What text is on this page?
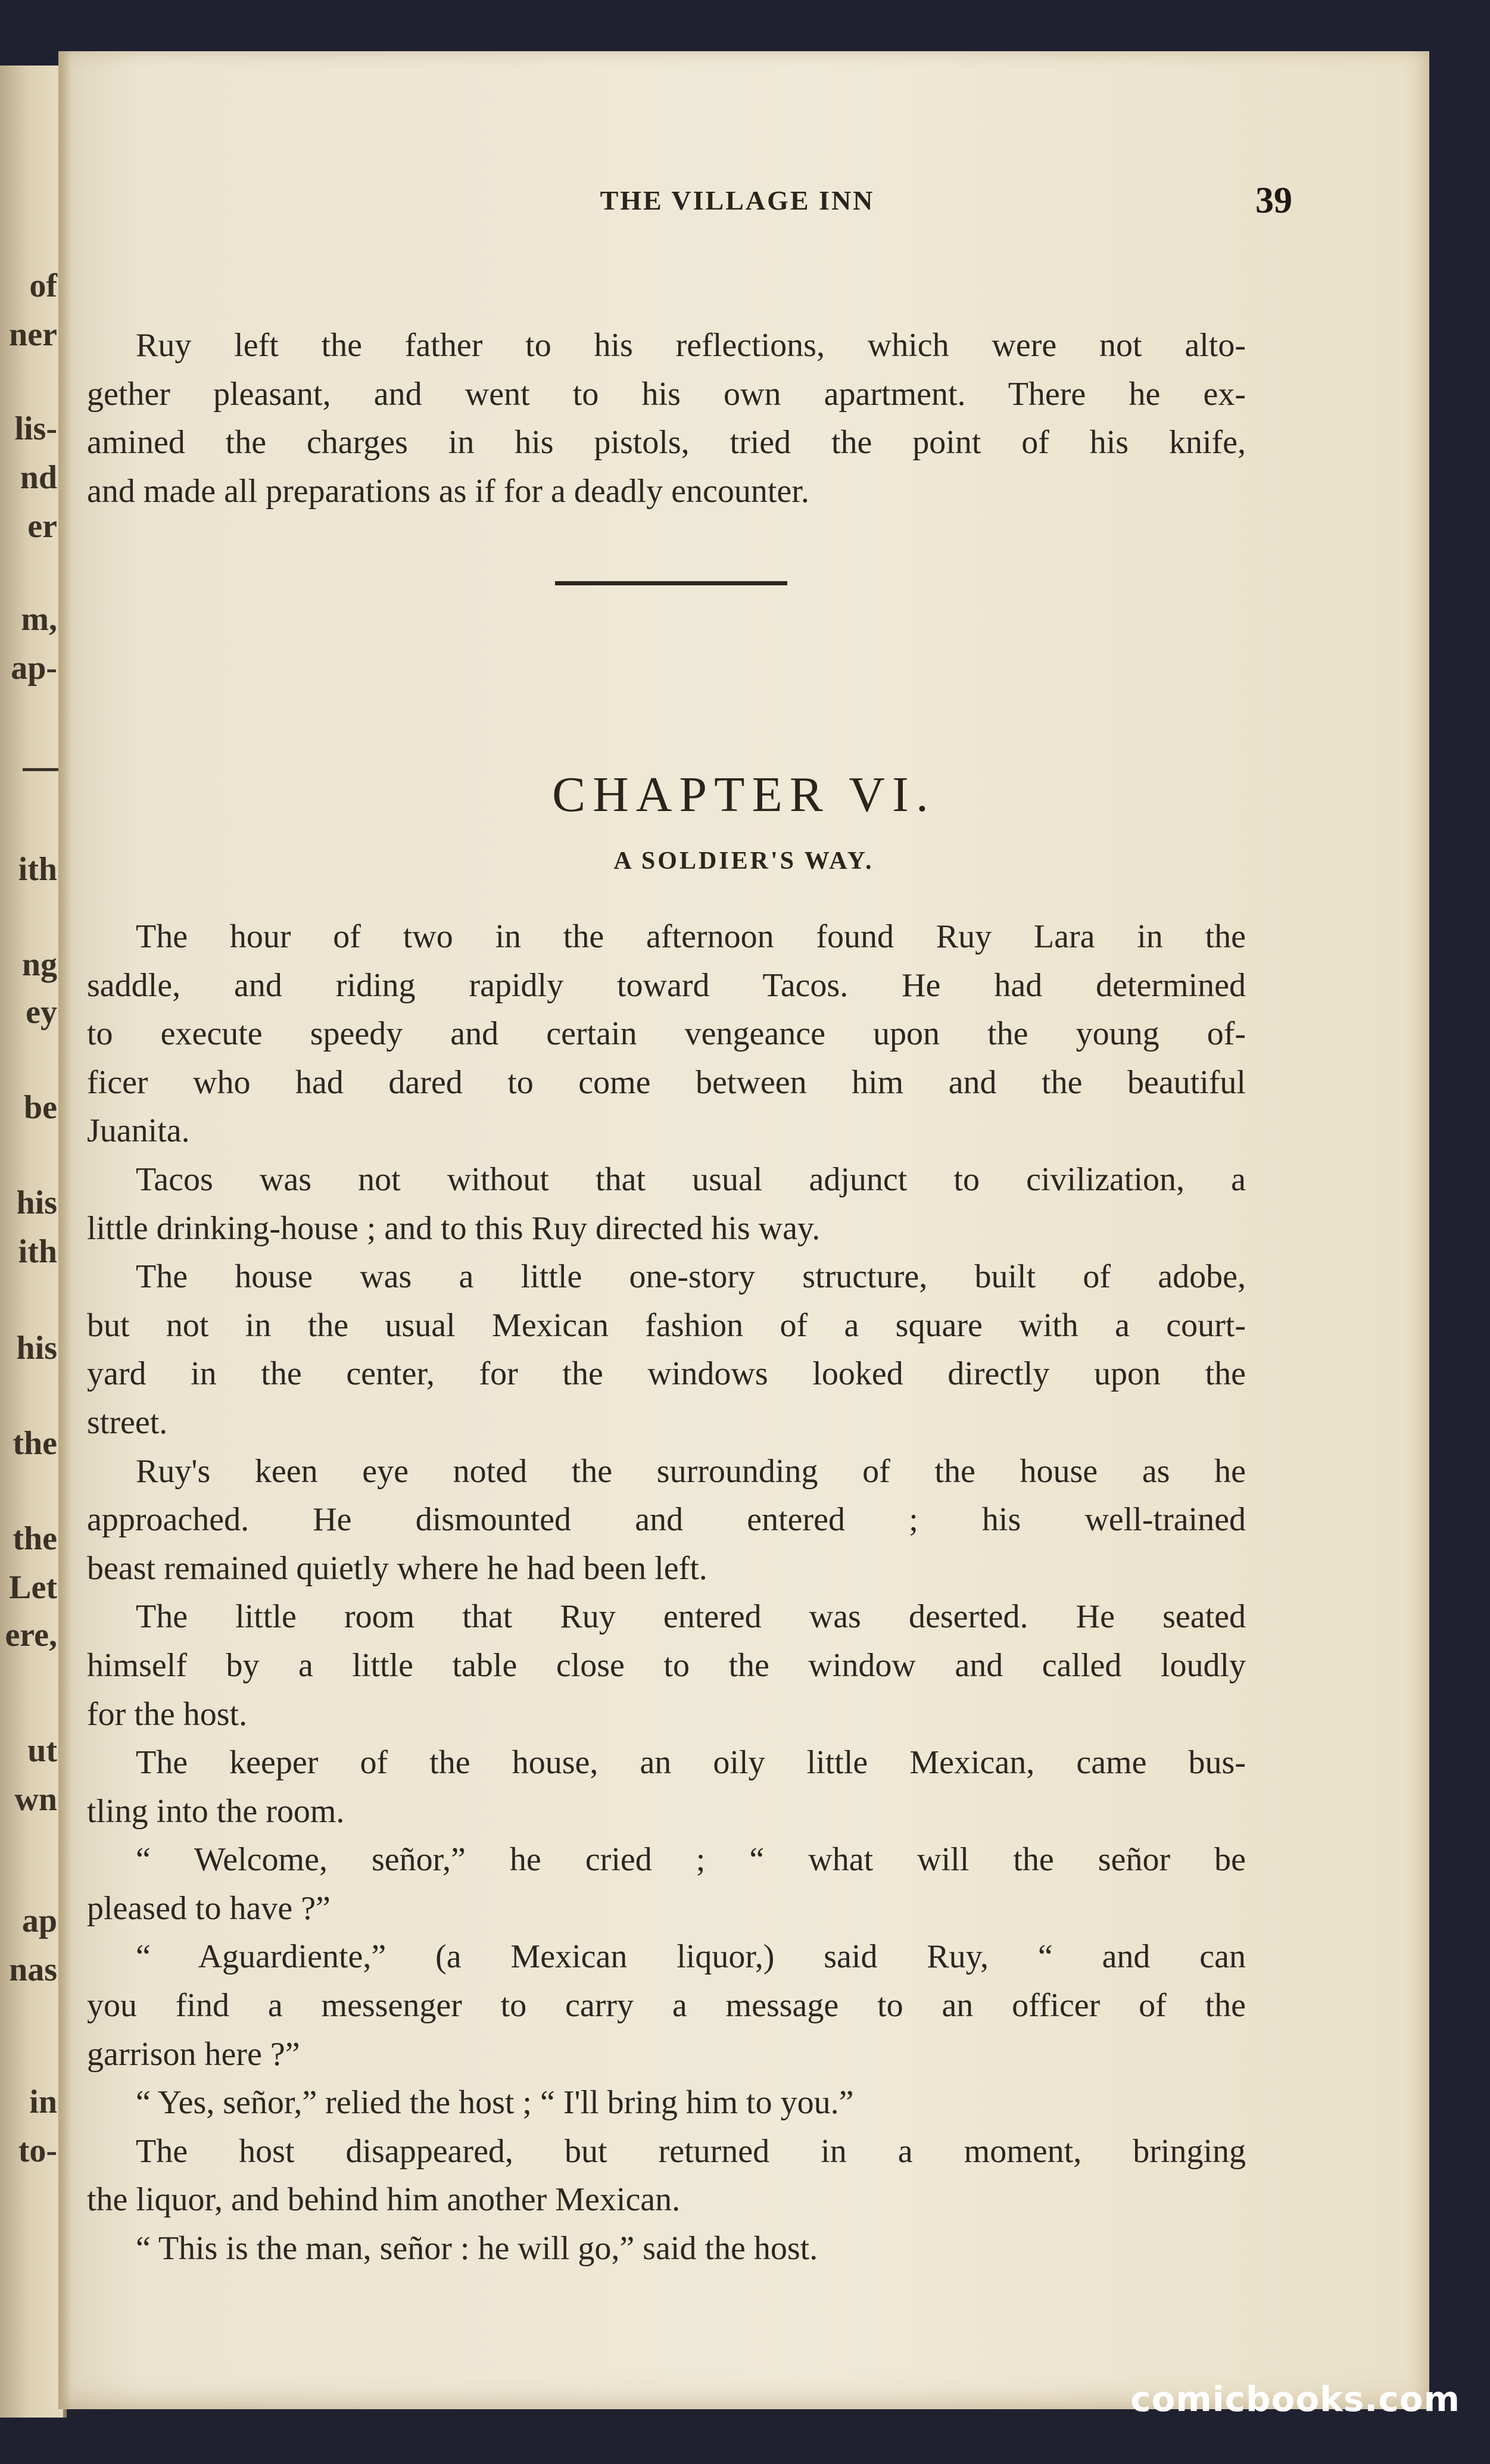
of
ner
lis-
nd
er
m,
ap-
ith
ng
ey
be
his
ith
his
the
the
Let
ere,
ut
wn
ap
nas
in
to-
THE VILLAGE INN	39
Ruy left the father to his reflections, which were not alto-
gether pleasant, and went to his own apartment. There he ex-
amined the charges in his pistols, tried the point of his knife,
and made all preparations as if for a deadly encounter.
CHAPTER VI.
A SOLDIER'S WAY.
The hour of two in the afternoon found Ruy Lara in the
saddle, and riding rapidly toward Tacos. He had determined
to execute speedy and certain vengeance upon the young of-
ficer who had dared to come between him and the beautiful
Juanita.
Tacos was not without that usual adjunct to civilization, a
little drinking-house ; and to this Ruy directed his way.
The house was a little one-story structure, built of adobe,
but not in the usual Mexican fashion of a square with a court-
yard in the center, for the windows looked directly upon the
street.
Ruy's keen eye noted the surrounding of the house as he
approached. He dismounted and entered ; his well-trained
beast remained quietly where he had been left.
The little room that Ruy entered was deserted. He seated
himself by a little table close to the window and called loudly
for the host.
The keeper of the house, an oily little Mexican, came bus-
tling into the room.
“ Welcome, señor,” he cried ; “ what will the señor be
pleased to have ?”
“ Aguardiente,” (a Mexican liquor,) said Ruy, “ and can
you find a messenger to carry a message to an officer of the
garrison here ?”
“ Yes, señor,” relied the host ; “ I'll bring him to you.”
The host disappeared, but returned in a moment, bringing
the liquor, and behind him another Mexican.
“ This is the man, señor : he will go,” said the host.
comicbooks.com
